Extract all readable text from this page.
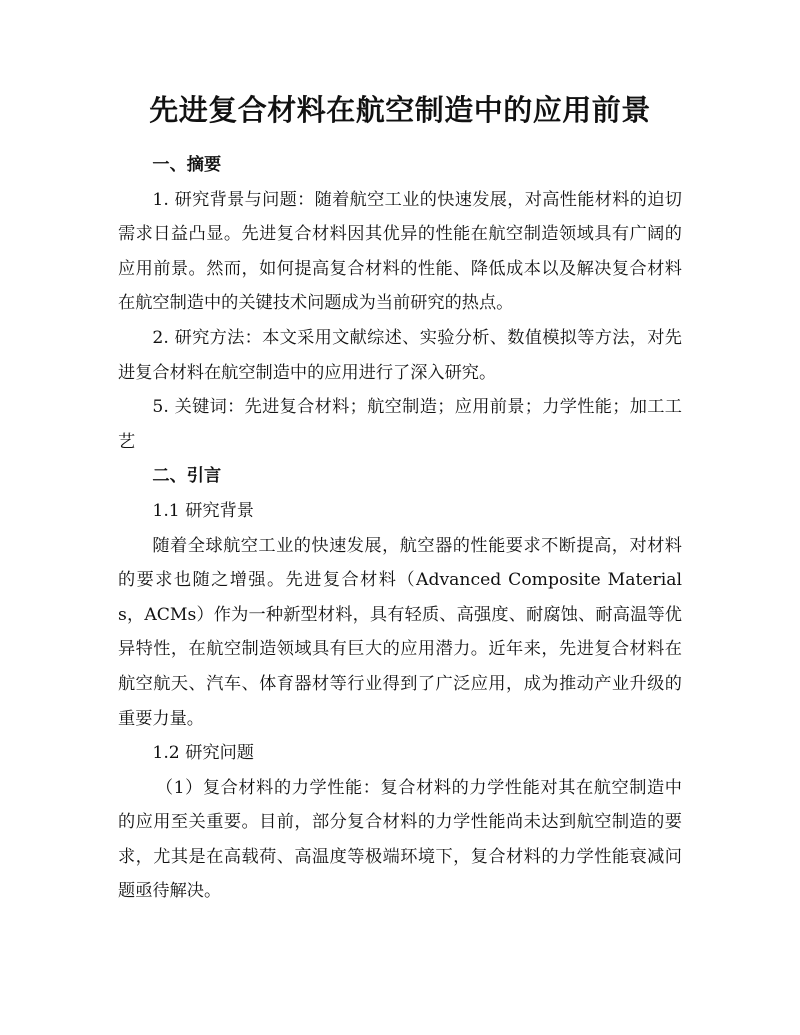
先进复合材料在航空制造中的应用前景

一、摘要

1. 研究背景与问题：随着航空工业的快速发展，对高性能材料的迫切需求日益凸显。先进复合材料因其优异的性能在航空制造领域具有广阔的应用前景。然而，如何提高复合材料的性能、降低成本以及解决复合材料在航空制造中的关键技术问题成为当前研究的热点。

2. 研究方法：本文采用文献综述、实验分析、数值模拟等方法，对先进复合材料在航空制造中的应用进行了深入研究。

5. 关键词：先进复合材料；航空制造；应用前景；力学性能；加工工艺

二、引言

1.1 研究背景

随着全球航空工业的快速发展，航空器的性能要求不断提高，对材料的要求也随之增强。先进复合材料（Advanced Composite Materials，ACMs）作为一种新型材料，具有轻质、高强度、耐腐蚀、耐高温等优异特性，在航空制造领域具有巨大的应用潜力。近年来，先进复合材料在航空航天、汽车、体育器材等行业得到了广泛应用，成为推动产业升级的重要力量。

1.2 研究问题

（1）复合材料的力学性能：复合材料的力学性能对其在航空制造中的应用至关重要。目前，部分复合材料的力学性能尚未达到航空制造的要求，尤其是在高载荷、高温度等极端环境下，复合材料的力学性能衰减问题亟待解决。
